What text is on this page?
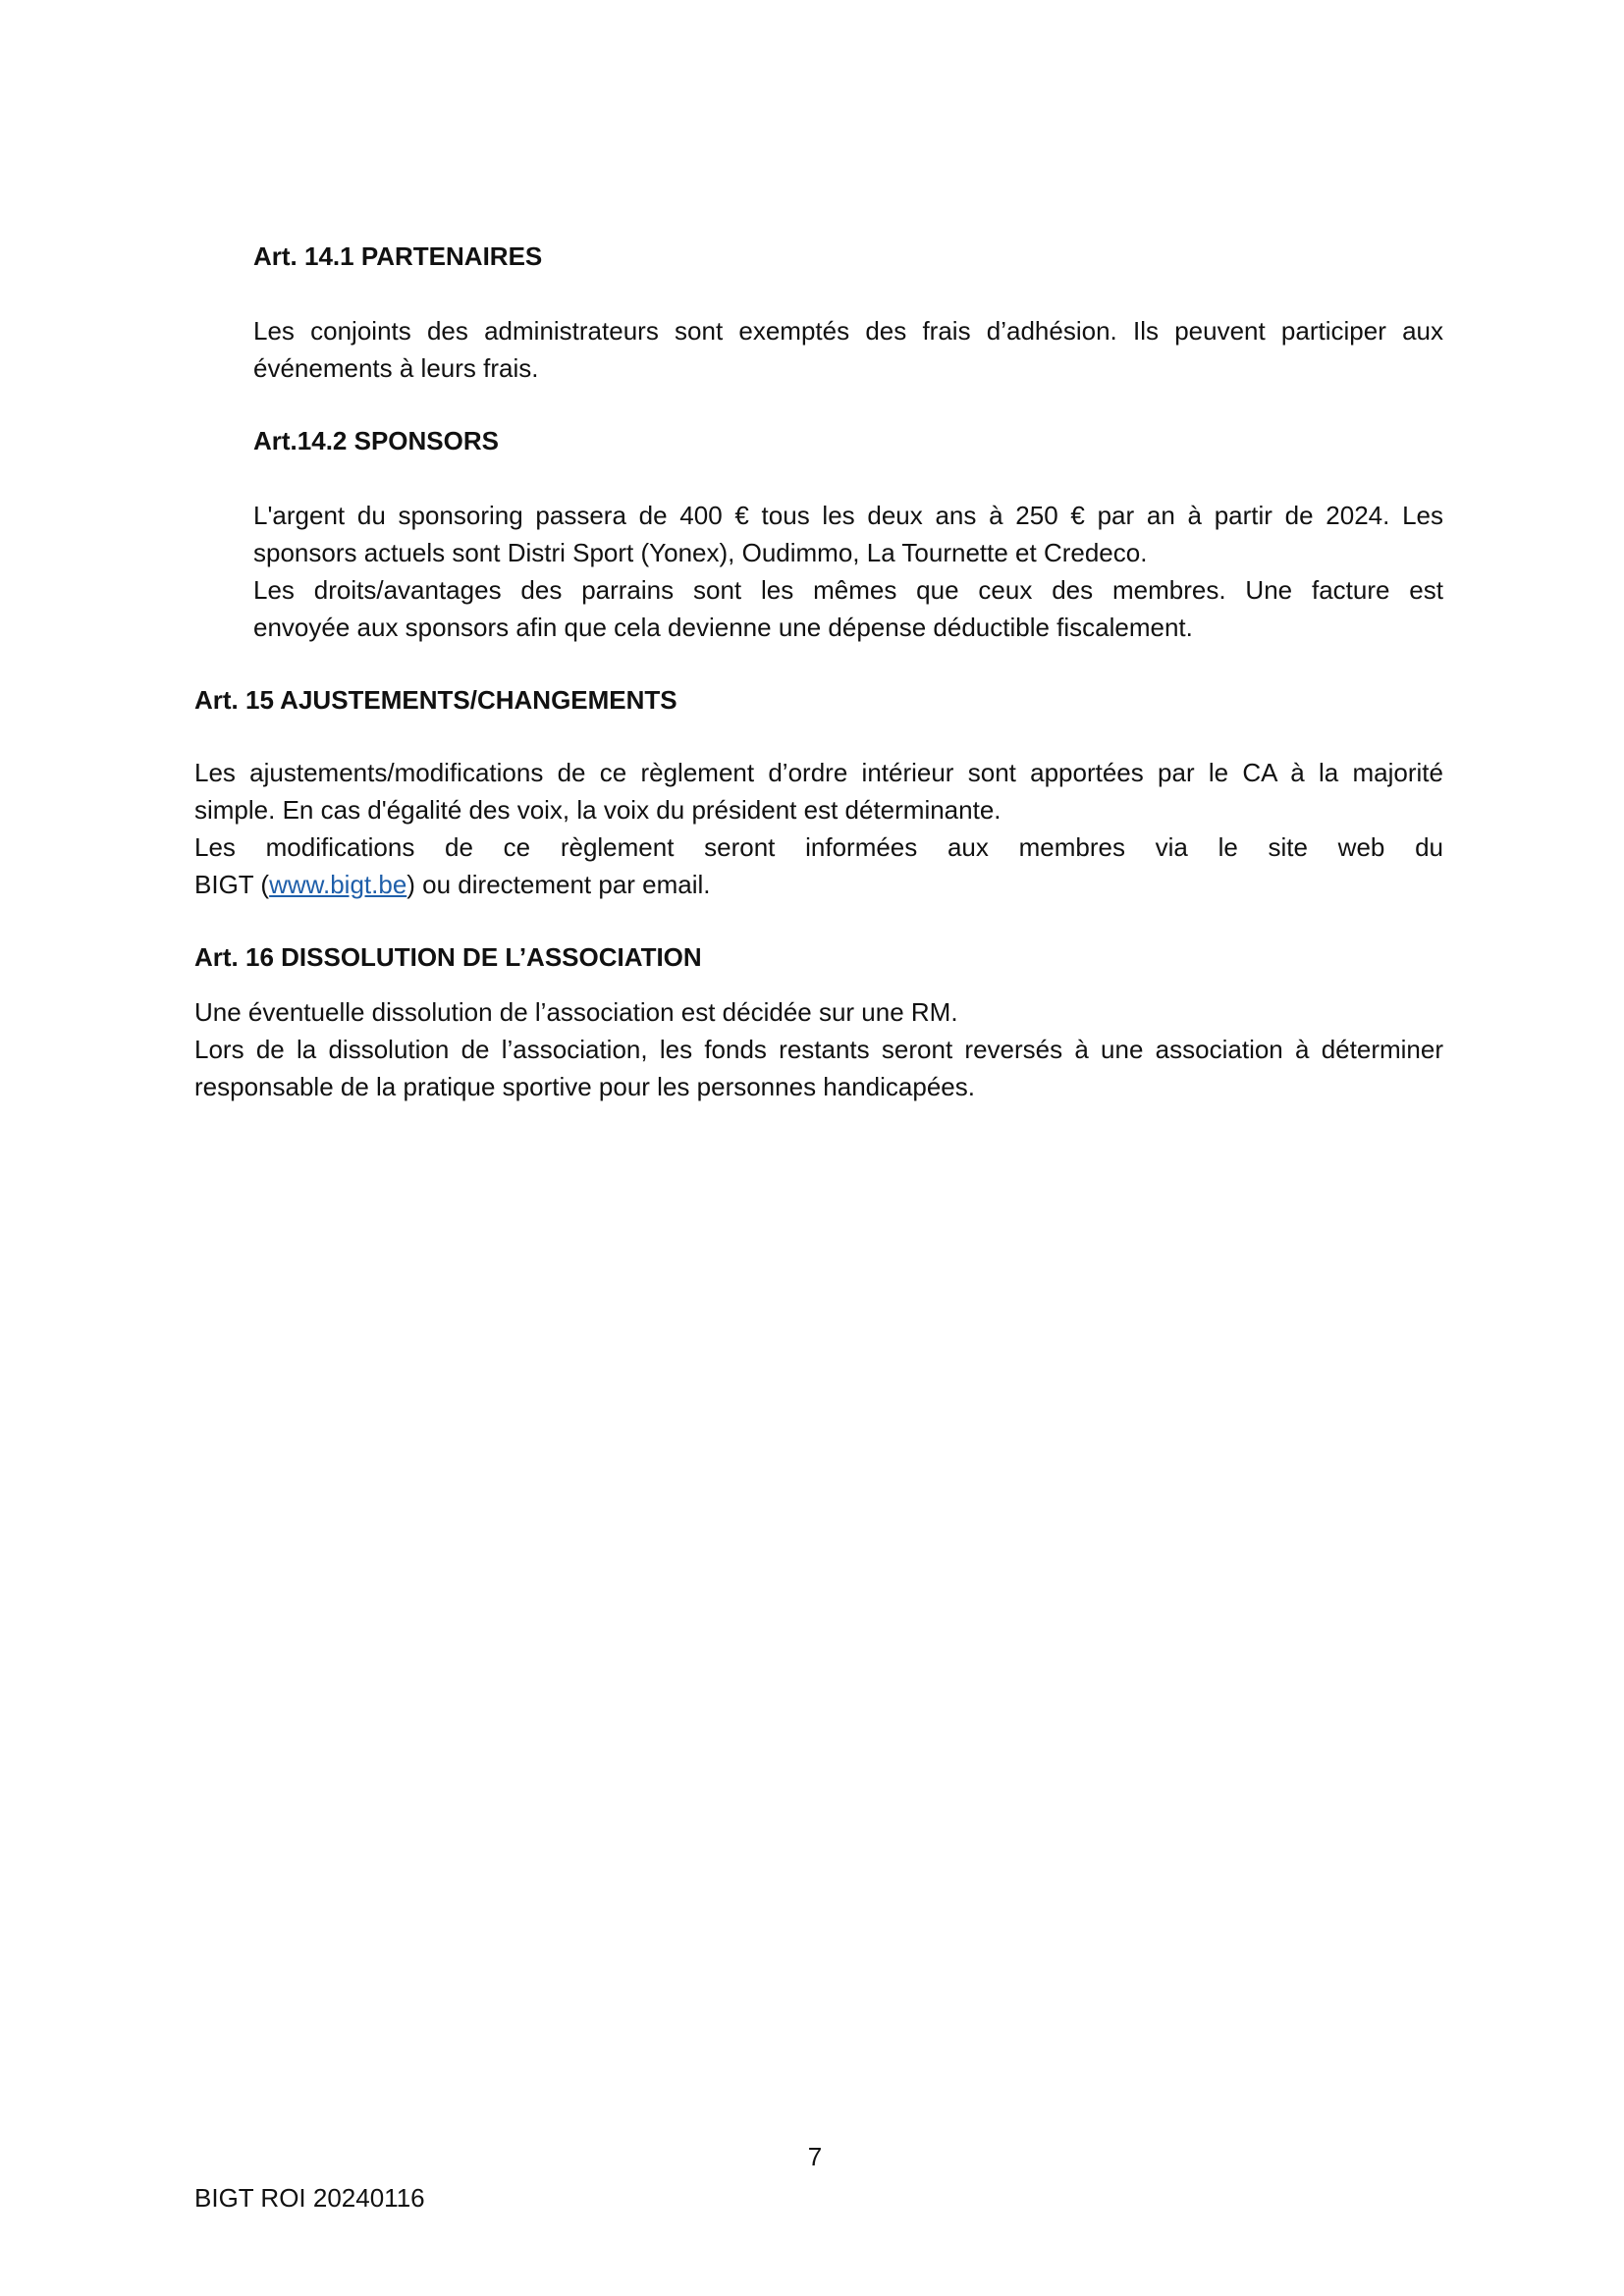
Art. 14.1 PARTENAIRES
Les conjoints des administrateurs sont exemptés des frais d’adhésion. Ils peuvent participer aux
événements à leurs frais.
Art.14.2 SPONSORS
L'argent du sponsoring passera de 400 € tous les deux ans à 250 € par an à partir de 2024. Les
sponsors actuels sont Distri Sport (Yonex), Oudimmo, La Tournette et Credeco.
Les droits/avantages des parrains sont les mêmes que ceux des membres. Une facture est
envoyée aux sponsors afin que cela devienne une dépense déductible fiscalement.
Art. 15 AJUSTEMENTS/CHANGEMENTS
Les ajustements/modifications de ce règlement d’ordre intérieur sont apportées par le CA à la majorité
simple. En cas d'égalité des voix, la voix du président est déterminante.
Les modifications de ce règlement seront informées aux membres via le site web du
BIGT (www.bigt.be) ou directement par email.
Art. 16 DISSOLUTION DE L’ASSOCIATION
Une éventuelle dissolution de l’association est décidée sur une RM.
Lors de la dissolution de l’association, les fonds restants seront reversés à une association à déterminer
responsable de la pratique sportive pour les personnes handicapées.
7
BIGT ROI 20240116
